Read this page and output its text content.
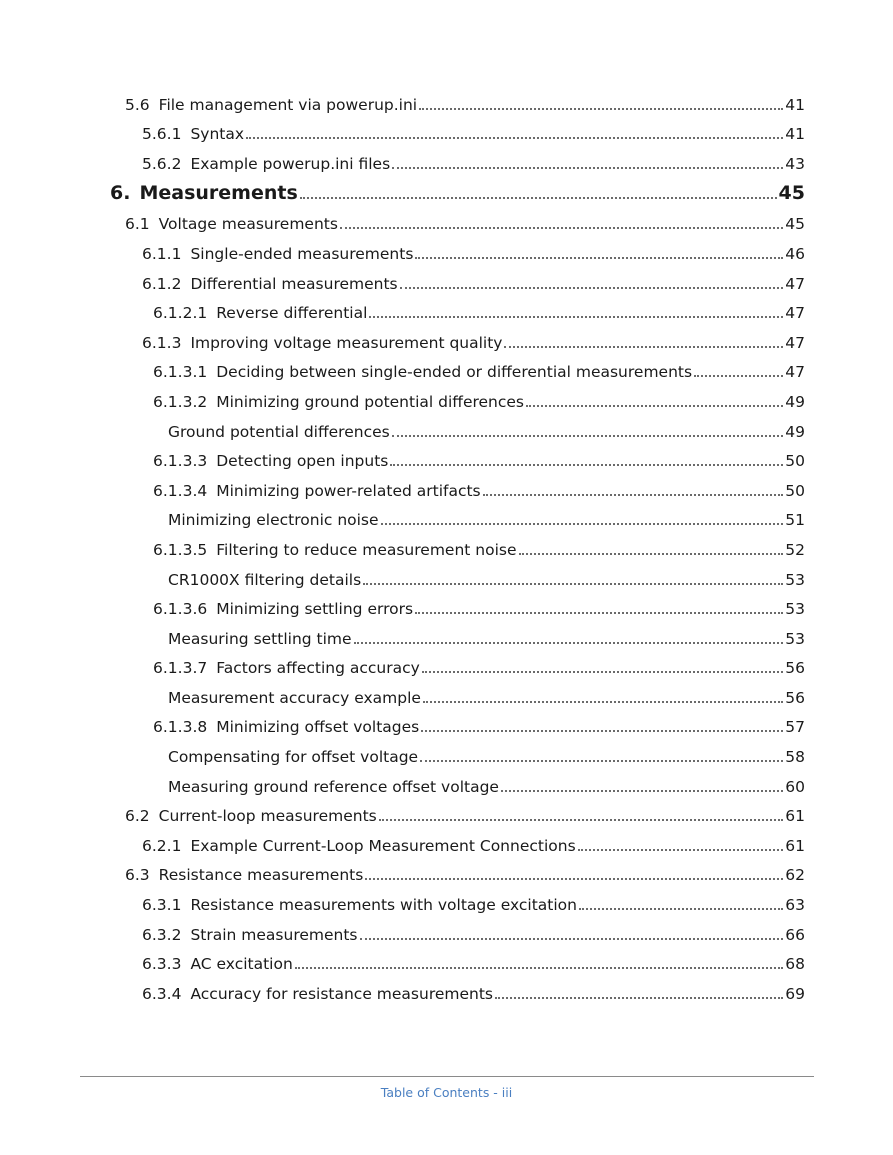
5.6 File management via powerup.ini	41
5.6.1 Syntax	41
5.6.2 Example powerup.ini files	43
6. Measurements	45
6.1 Voltage measurements	45
6.1.1 Single-ended measurements	46
6.1.2 Differential measurements	47
6.1.2.1 Reverse differential	47
6.1.3 Improving voltage measurement quality	47
6.1.3.1 Deciding between single-ended or differential measurements	47
6.1.3.2 Minimizing ground potential differences	49
Ground potential differences	49
6.1.3.3 Detecting open inputs	50
6.1.3.4 Minimizing power-related artifacts	50
Minimizing electronic noise	51
6.1.3.5 Filtering to reduce measurement noise	52
CR1000X filtering details	53
6.1.3.6 Minimizing settling errors	53
Measuring settling time	53
6.1.3.7 Factors affecting accuracy	56
Measurement accuracy example	56
6.1.3.8 Minimizing offset voltages	57
Compensating for offset voltage	58
Measuring ground reference offset voltage	60
6.2 Current-loop measurements	61
6.2.1 Example Current-Loop Measurement Connections	61
6.3 Resistance measurements	62
6.3.1 Resistance measurements with voltage excitation	63
6.3.2 Strain measurements	66
6.3.3 AC excitation	68
6.3.4 Accuracy for resistance measurements	69
Table of Contents - iii
